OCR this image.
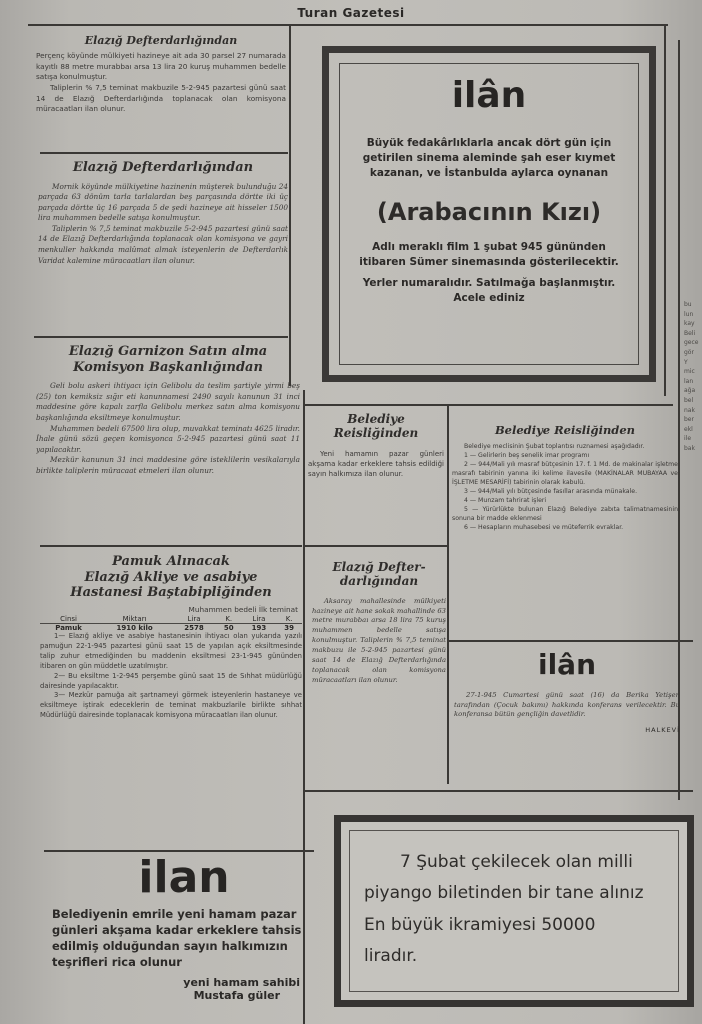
Turan Gazetesi
Elazığ Defterdarlığından

Perçenç köyünde mülkiyeti hazineye ait ada 30 parsel 27 numarada kayıtlı 88 metre murabbaı arsa 13 lira 20 kuruş muhammen bedelle satışa konulmuştur.

Taliplerin % 7,5 teminat makbuzile 5-2-945 pazartesi günü saat 14 de Elazığ Defterdarlığında toplanacak olan komisyona müracaatları ilan olunur.

Elazığ Defterdarlığından

Mornik köyünde mülkiyetine hazinenin müşterek bulunduğu 24 parçada 63 dönüm tarla tarlalardan beş parçasında dörtte iki üç parçada dörtte üç 16 parçada 5 de şedi hazineye ait hisseler 1500 lira muhammen bedelle satışa konulmuştur.

Taliplerin % 7,5 teminat makbuzile 5-2-945 pazartesi günü saat 14 de Elazığ Defterdarlığında toplanacak olan komisyona ve gayri menkuller hakkında malûmat almak isteyenlerin de Defterdarlık Varidat kalemine müracaatları ilan olunur.

Elazığ Garnizon Satın alma
Komisyon Başkanlığından

Geli bolu askeri ihtiyacı için Gelibolu da teslim şartiyle yirmi beş (25) ton kemiksiz sığır eti kanunnamesi 2490 sayılı kanunun 31 inci maddesine göre kapalı zarfla Gelibolu merkez satın alma komisyonu başkanlığında eksiltmeye konulmuştur.

Muhammen bedeli 67500 lira olup, muvakkat teminatı 4625 liradır. İhale günü sözü geçen komisyonca 5-2-945 pazartesi günü saat 11 yapılacaktır.

Mezkür kanunun 31 inci maddesine göre isteklilerin vesikalarıyla birlikte taliplerin müracaat etmeleri ilan olunur.

Pamuk Alınacak
Elazığ Akliye ve asabiye
Hastanesi Baştabipliğinden
Muhammen bedeli İlk teminat
Cinsi	Miktarı	Lira	K.	Lira	K.
Pamuk	1910 kilo	2578	50	193	39

1— Elazığ akliye ve asabiye hastanesinin ihtiyacı olan yukarıda yazılı pamuğun 22-1-945 pazartesi günü saat 15 de yapılan açık eksiltmesinde talip zuhur etmediğinden bu maddenin eksiltmesi 23-1-945 gününden itibaren on gün müddetle uzatılmıştır.

2— Bu eksiltme 1-2-945 perşembe günü saat 15 de Sıhhat müdürlüğü dairesinde yapılacaktır.

3— Mezkür pamuğa ait şartnameyi görmek isteyenlerin hastaneye ve eksiltmeye iştirak edeceklerin de teminat makbuzlarile birlikte sıhhat Müdürlüğü dairesinde toplanacak komisyona müracaatları ilan olunur.

ilan

Belediyenin emrile yeni hamam pazar günleri akşama kadar erkeklere tahsis edilmiş olduğundan sayın halkımızın teşrifleri rica olunur

yeni hamam sahibi
Mustafa güler
ilân

Büyük fedakârlıklarla ancak dört gün için getirilen sinema aleminde şah eser kıymet kazanan, ve İstanbulda aylarca oynanan

(Arabacının Kızı)

Adlı meraklı film 1 şubat 945 gününden itibaren Sümer sinemasında gösterilecektir.

Yerler numaralıdır. Satılmağa başlanmıştır. Acele ediniz

Belediye
Reisliğinden

Yeni hamamın pazar günleri akşama kadar erkeklere tahsis edildiği sayın halkımıza ilan olunur.

Belediye Reisliğinden

Belediye meclisinin Şubat toplantısı ruznamesi aşağıdadır.

1 — Gelirlerin beş senelik imar programı

2 — 944/Mali yılı masraf bütçesinin 17. f. 1 Md. de makinalar işletme masrafı tabirinin yanına iki kelime ilavesile (MAKİNALAR MUBAYAA ve İŞLETME MESARİFİ) tabirinin olarak kabulü.

3 — 944/Mali yılı bütçesinde fasıllar arasında münakale.

4 — Munzam tahrirat işleri

5 — Yürürlükte bulunan Elazığ Belediye zabıta talimatnamesinin sonuna bir madde eklenmesi

6 — Hesapların muhasebesi ve müteferrik evraklar.

Elazığ Defter-
darlığından

Aksaray mahallesinde mülkiyeti hazineye ait hane sokak mahallinde 63 metre murabbaı arsa 18 lira 75 kuruş muhammen bedelle satışa konulmuştur. Taliplerin % 7,5 teminat makbuzu ile 5-2-945 pazartesi günü saat 14 de Elazığ Defterdarlığında toplanacak olan komisyona müracaatları ilan olunur.	ilân

27-1-945 Cumartesi günü saat (16) da Berika Yetişen tarafından (Çocuk bakımı) hakkında konferans verilecektir. Bu konferansa bütün gençliğin davetlidir.

HALKEVİ
7 Şubat çekilecek olan milli
piyango biletinden bir tane alınız
En büyük ikramiyesi 50000
liradır.
bu
lun
kay
Beli
gece
gör
Y
mic
lan
ağa
bel
nak
ber
ekl
ile
bak
